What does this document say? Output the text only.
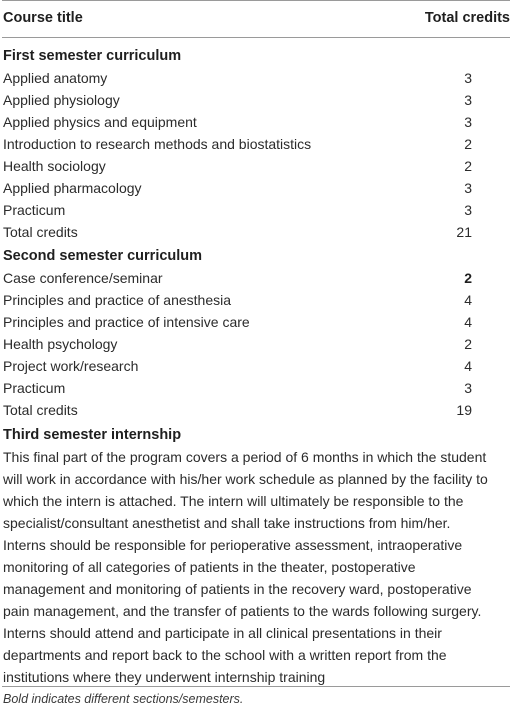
Course title	Total credits
First semester curriculum
Applied anatomy	3
Applied physiology	3
Applied physics and equipment	3
Introduction to research methods and biostatistics	2
Health sociology	2
Applied pharmacology	3
Practicum	3
Total credits	21
Second semester curriculum
Case conference/seminar	2
Principles and practice of anesthesia	4
Principles and practice of intensive care	4
Health psychology	2
Project work/research	4
Practicum	3
Total credits	19
Third semester internship
This final part of the program covers a period of 6 months in which the student will work in accordance with his/her work schedule as planned by the facility to which the intern is attached. The intern will ultimately be responsible to the specialist/consultant anesthetist and shall take instructions from him/her. Interns should be responsible for perioperative assessment, intraoperative monitoring of all categories of patients in the theater, postoperative management and monitoring of patients in the recovery ward, postoperative pain management, and the transfer of patients to the wards following surgery. Interns should attend and participate in all clinical presentations in their departments and report back to the school with a written report from the institutions where they underwent internship training
Bold indicates different sections/semesters.
